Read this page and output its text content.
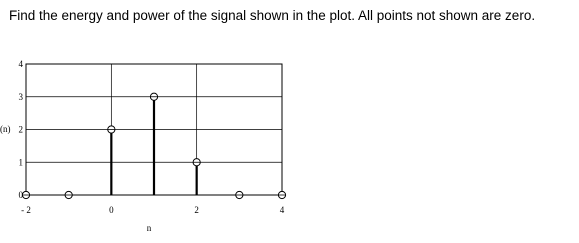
Find the energy and power of the signal shown in the plot. All points not shown are zero.
- 2	0	2	4
0
1
2
3
4
(n)
n
